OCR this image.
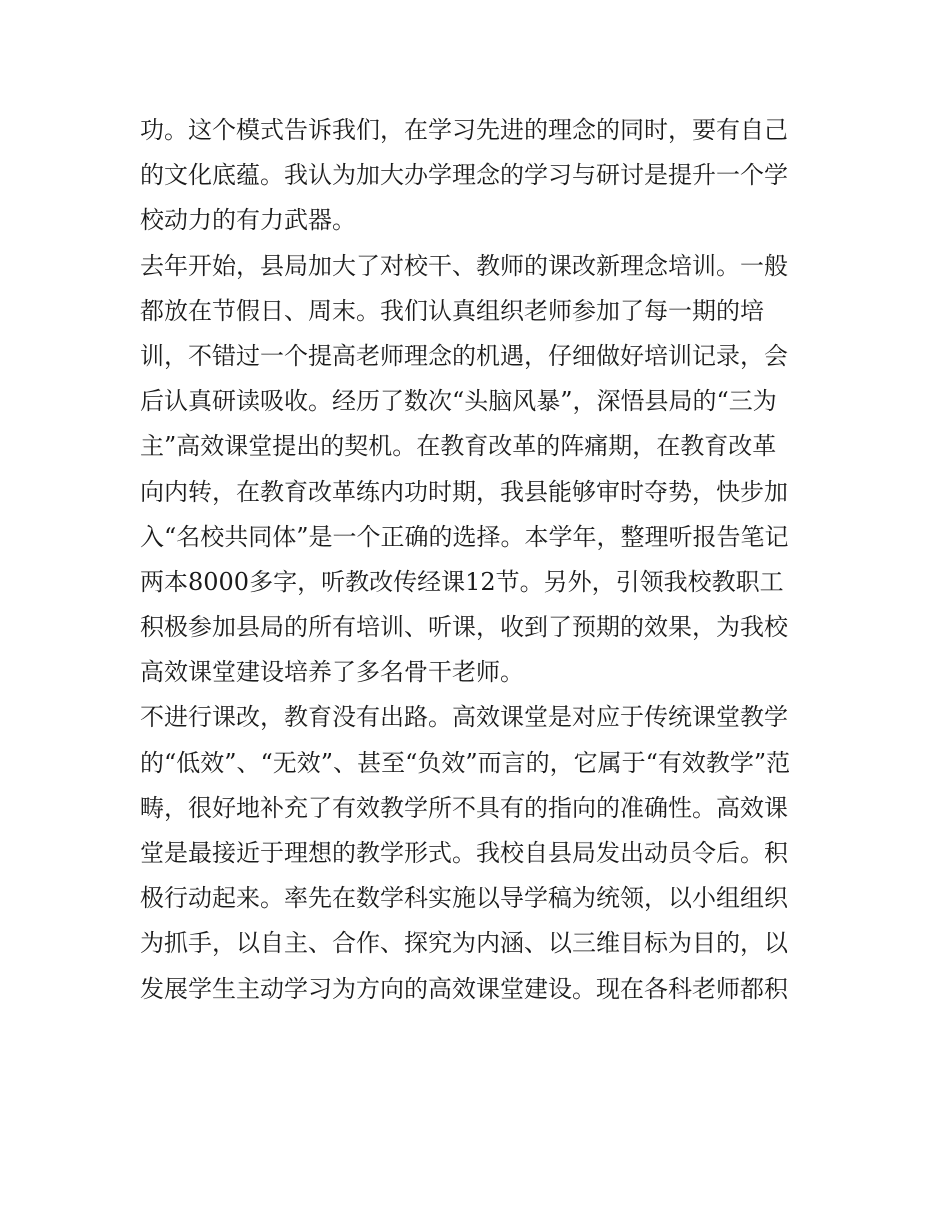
功。这个模式告诉我们，在学习先进的理念的同时，要有自己
的文化底蕴。我认为加大办学理念的学习与研讨是提升一个学
校动力的有力武器。
去年开始，县局加大了对校干、教师的课改新理念培训。一般
都放在节假日、周末。我们认真组织老师参加了每一期的培
训，不错过一个提高老师理念的机遇，仔细做好培训记录，会
后认真研读吸收。经历了数次“头脑风暴”，深悟县局的“三为
主”高效课堂提出的契机。在教育改革的阵痛期，在教育改革
向内转，在教育改革练内功时期，我县能够审时夺势，快步加
入“名校共同体”是一个正确的选择。本学年，整理听报告笔记
两本8000多字，听教改传经课12节。另外，引领我校教职工
积极参加县局的所有培训、听课，收到了预期的效果，为我校
高效课堂建设培养了多名骨干老师。
不进行课改，教育没有出路。高效课堂是对应于传统课堂教学
的“低效”、“无效”、甚至“负效”而言的，它属于“有效教学”范
畴，很好地补充了有效教学所不具有的指向的准确性。高效课
堂是最接近于理想的教学形式。我校自县局发出动员令后。积
极行动起来。率先在数学科实施以导学稿为统领，以小组组织
为抓手，以自主、合作、探究为内涵、以三维目标为目的，以
发展学生主动学习为方向的高效课堂建设。现在各科老师都积
